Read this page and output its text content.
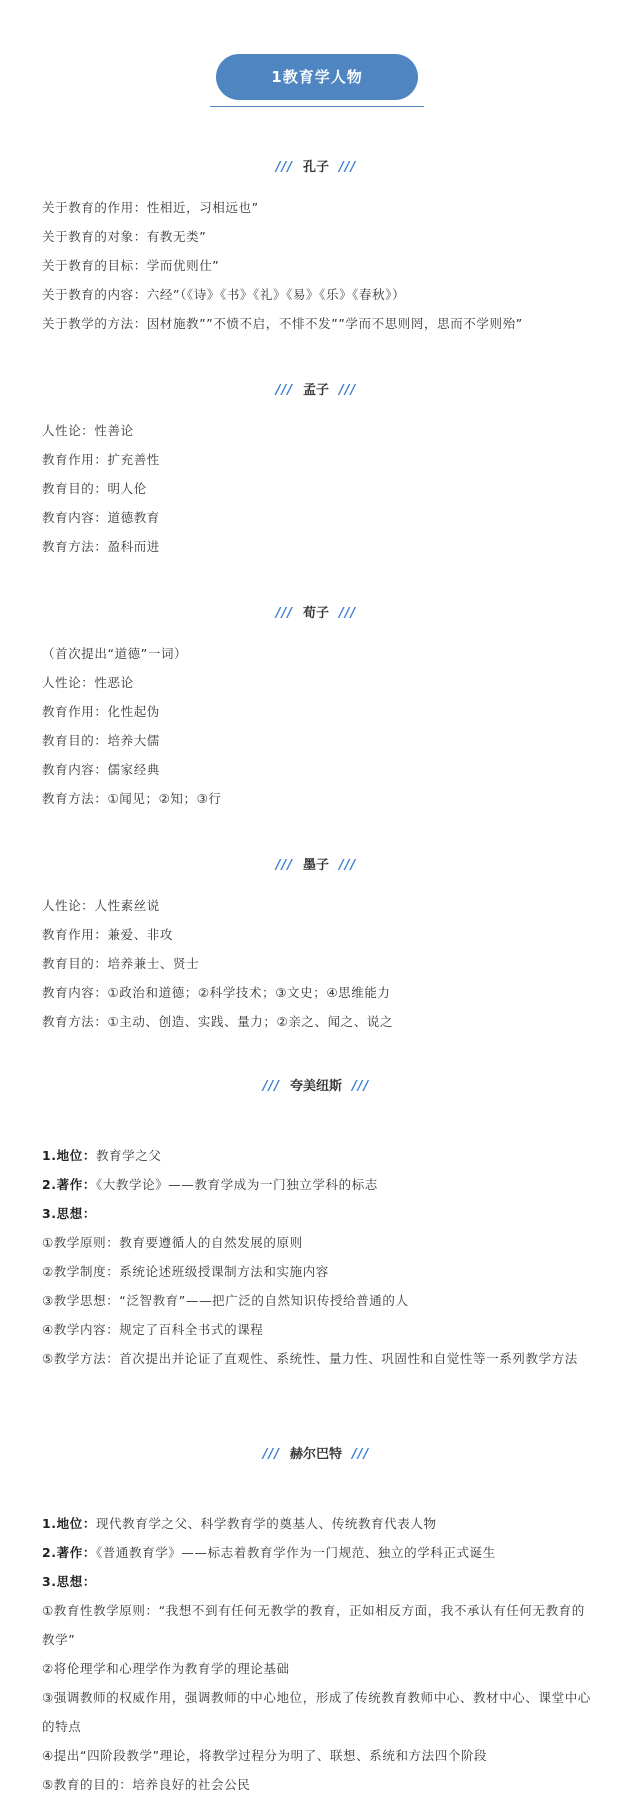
1教育学人物
/// 孔子 ///
关于教育的作用：性相近，习相远也”
关于教育的对象：有教无类”
关于教育的目标：学而优则仕”
关于教育的内容：六经”（《诗》《书》《礼》《易》《乐》《春秋》）
关于教学的方法：因材施教””不愤不启，不悱不发””学而不思则罔，思而不学则殆”
/// 孟子 ///
人性论：性善论
教育作用：扩充善性
教育目的：明人伦
教育内容：道德教育
教育方法：盈科而进
/// 荀子 ///
（首次提出“道德”一词）
人性论：性恶论
教育作用：化性起伪
教育目的：培养大儒
教育内容：儒家经典
教育方法：①闻见；②知；③行
/// 墨子 ///
人性论：人性素丝说
教育作用：兼爱、非攻
教育目的：培养兼士、贤士
教育内容：①政治和道德；②科学技术；③文史；④思维能力
教育方法：①主动、创造、实践、量力；②亲之、闻之、说之
/// 夸美纽斯 ///
1.地位：教育学之父
2.著作：《大教学论》——教育学成为一门独立学科的标志
3.思想：
①教学原则：教育要遵循人的自然发展的原则
②教学制度：系统论述班级授课制方法和实施内容
③教学思想：“泛智教育”——把广泛的自然知识传授给普通的人
④教学内容：规定了百科全书式的课程
⑤教学方法：首次提出并论证了直观性、系统性、量力性、巩固性和自觉性等一系列教学方法
/// 赫尔巴特 ///
1.地位：现代教育学之父、科学教育学的奠基人、传统教育代表人物
2.著作：《普通教育学》——标志着教育学作为一门规范、独立的学科正式诞生
3.思想：
①教育性教学原则：“我想不到有任何无教学的教育，正如相反方面，我不承认有任何无教育的教学”
②将伦理学和心理学作为教育学的理论基础
③强调教师的权威作用，强调教师的中心地位，形成了传统教育教师中心、教材中心、课堂中心的特点
④提出“四阶段教学”理论，将教学过程分为明了、联想、系统和方法四个阶段
⑤教育的目的：培养良好的社会公民
